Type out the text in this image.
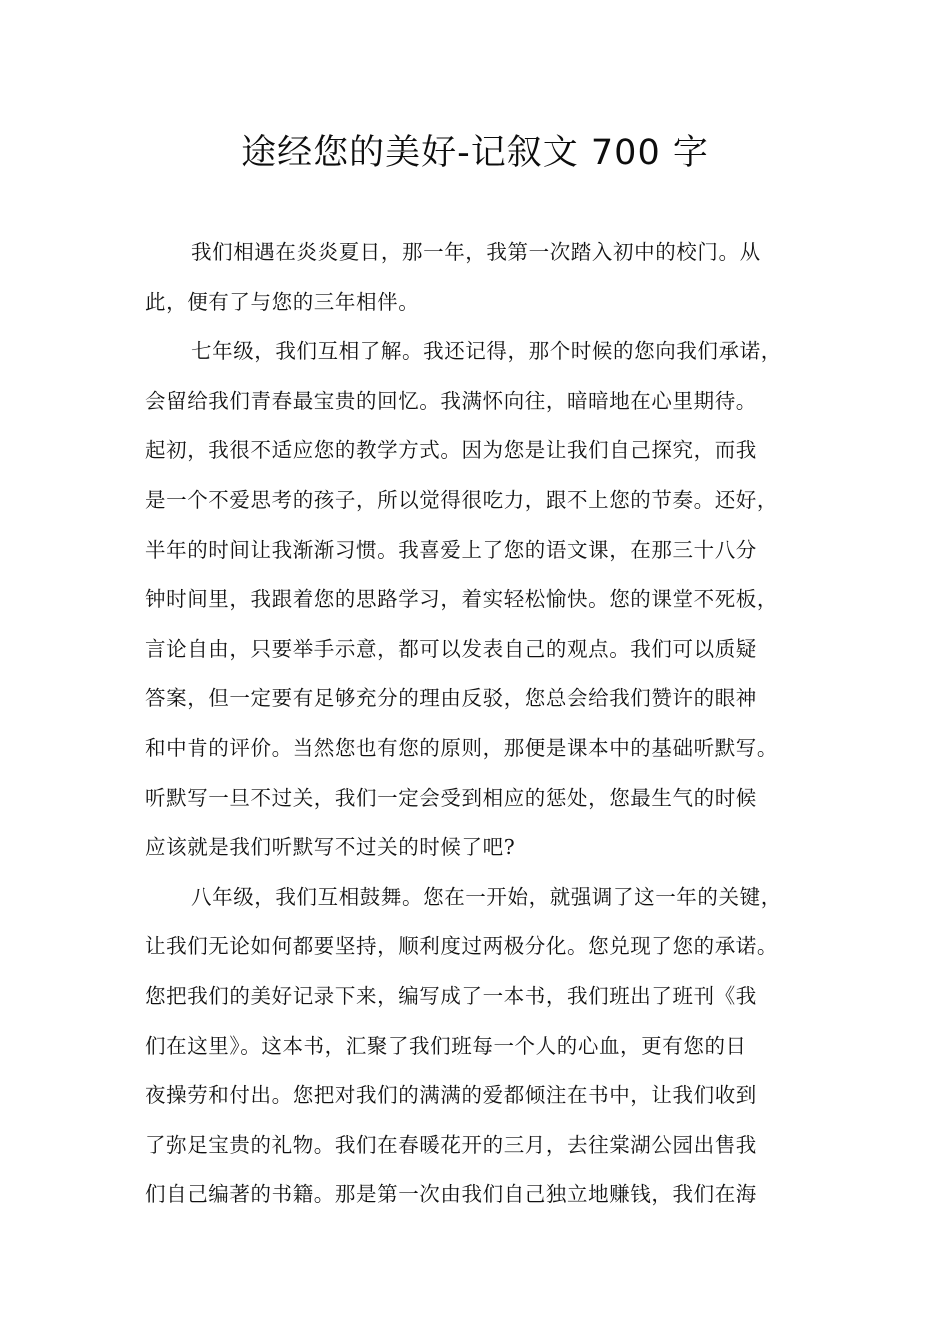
途经您的美好-记叙文 700 字
我们相遇在炎炎夏日，那一年，我第一次踏入初中的校门。从
此，便有了与您的三年相伴。
七年级，我们互相了解。我还记得，那个时候的您向我们承诺，
会留给我们青春最宝贵的回忆。我满怀向往，暗暗地在心里期待。
起初，我很不适应您的教学方式。因为您是让我们自己探究，而我
是一个不爱思考的孩子，所以觉得很吃力，跟不上您的节奏。还好，
半年的时间让我渐渐习惯。我喜爱上了您的语文课，在那三十八分
钟时间里，我跟着您的思路学习，着实轻松愉快。您的课堂不死板，
言论自由，只要举手示意，都可以发表自己的观点。我们可以质疑
答案，但一定要有足够充分的理由反驳，您总会给我们赞许的眼神
和中肯的评价。当然您也有您的原则，那便是课本中的基础听默写。
听默写一旦不过关，我们一定会受到相应的惩处，您最生气的时候
应该就是我们听默写不过关的时候了吧?
八年级，我们互相鼓舞。您在一开始，就强调了这一年的关键，
让我们无论如何都要坚持，顺利度过两极分化。您兑现了您的承诺。
您把我们的美好记录下来，编写成了一本书，我们班出了班刊《我
们在这里》。这本书，汇聚了我们班每一个人的心血，更有您的日
夜操劳和付出。您把对我们的满满的爱都倾注在书中，让我们收到
了弥足宝贵的礼物。我们在春暖花开的三月，去往棠湖公园出售我
们自己编著的书籍。那是第一次由我们自己独立地赚钱，我们在海
